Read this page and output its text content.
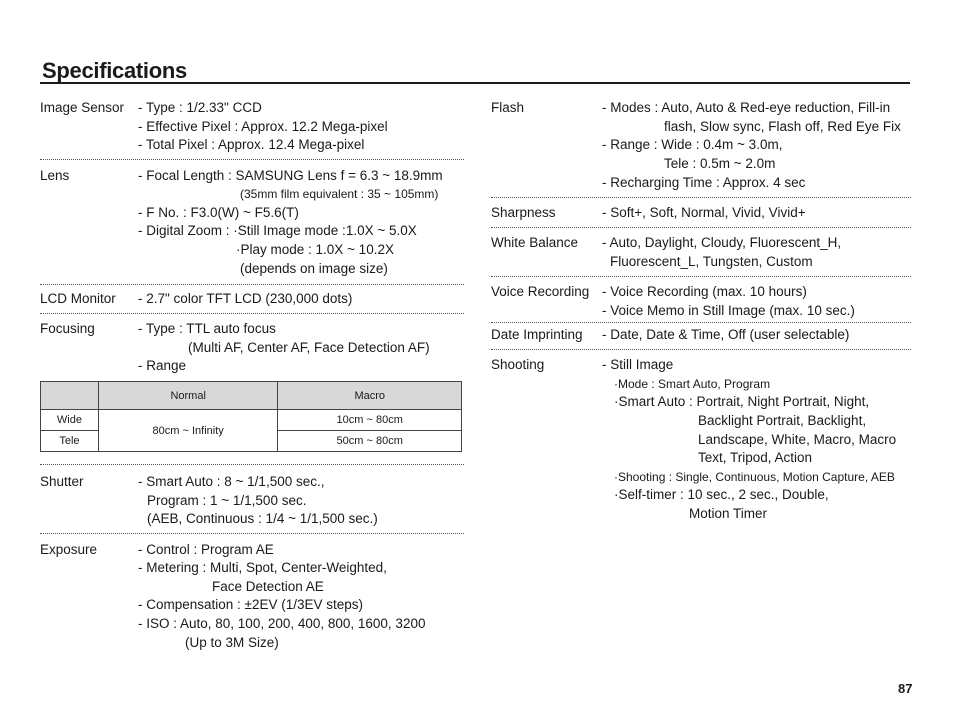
Specifications
Image Sensor - Type : 1/2.33" CCD
- Effective Pixel : Approx. 12.2 Mega-pixel
- Total Pixel : Approx. 12.4 Mega-pixel
Lens	- Focal Length : SAMSUNG Lens f = 6.3 ~ 18.9mm
(35mm film equivalent : 35 ~ 105mm)
- F No. : F3.0(W) ~ F5.6(T)
- Digital Zoom : ·Still Image mode :1.0X ~ 5.0X
·Play mode : 1.0X ~ 10.2X
(depends on image size)
LCD Monitor - 2.7" color TFT LCD (230,000 dots)
Focusing	- Type : TTL auto focus
(Multi AF, Center AF, Face Detection AF)
- Range
	Normal	Macro
Wide	80cm ~ Infinity	10cm ~ 80cm
Tele		50cm ~ 80cm
Shutter	- Smart Auto : 8 ~ 1/1,500 sec.,
Program : 1 ~ 1/1,500 sec.
(AEB, Continuous : 1/4 ~ 1/1,500 sec.)
Exposure	- Control : Program AE
- Metering : Multi, Spot, Center-Weighted,
Face Detection AE
- Compensation : ±2EV (1/3EV steps)
- ISO : Auto, 80, 100, 200, 400, 800, 1600, 3200
(Up to 3M Size)
Flash	- Modes : Auto, Auto & Red-eye reduction, Fill-in
flash, Slow sync, Flash off, Red Eye Fix
- Range : Wide : 0.4m ~ 3.0m,
Tele : 0.5m ~ 2.0m
- Recharging Time : Approx. 4 sec
Sharpness	- Soft+, Soft, Normal, Vivid, Vivid+
White Balance - Auto, Daylight, Cloudy, Fluorescent_H,
Fluorescent_L, Tungsten, Custom
Voice Recording - Voice Recording (max. 10 hours)
- Voice Memo in Still Image (max. 10 sec.)
Date Imprinting - Date, Date & Time, Off (user selectable)
Shooting	- Still Image
·Mode : Smart Auto, Program
·Smart Auto : Portrait, Night Portrait, Night,
Backlight Portrait, Backlight,
Landscape, White, Macro, Macro
Text, Tripod, Action
·Shooting : Single, Continuous, Motion Capture, AEB
·Self-timer : 10 sec., 2 sec., Double,
Motion Timer
87
